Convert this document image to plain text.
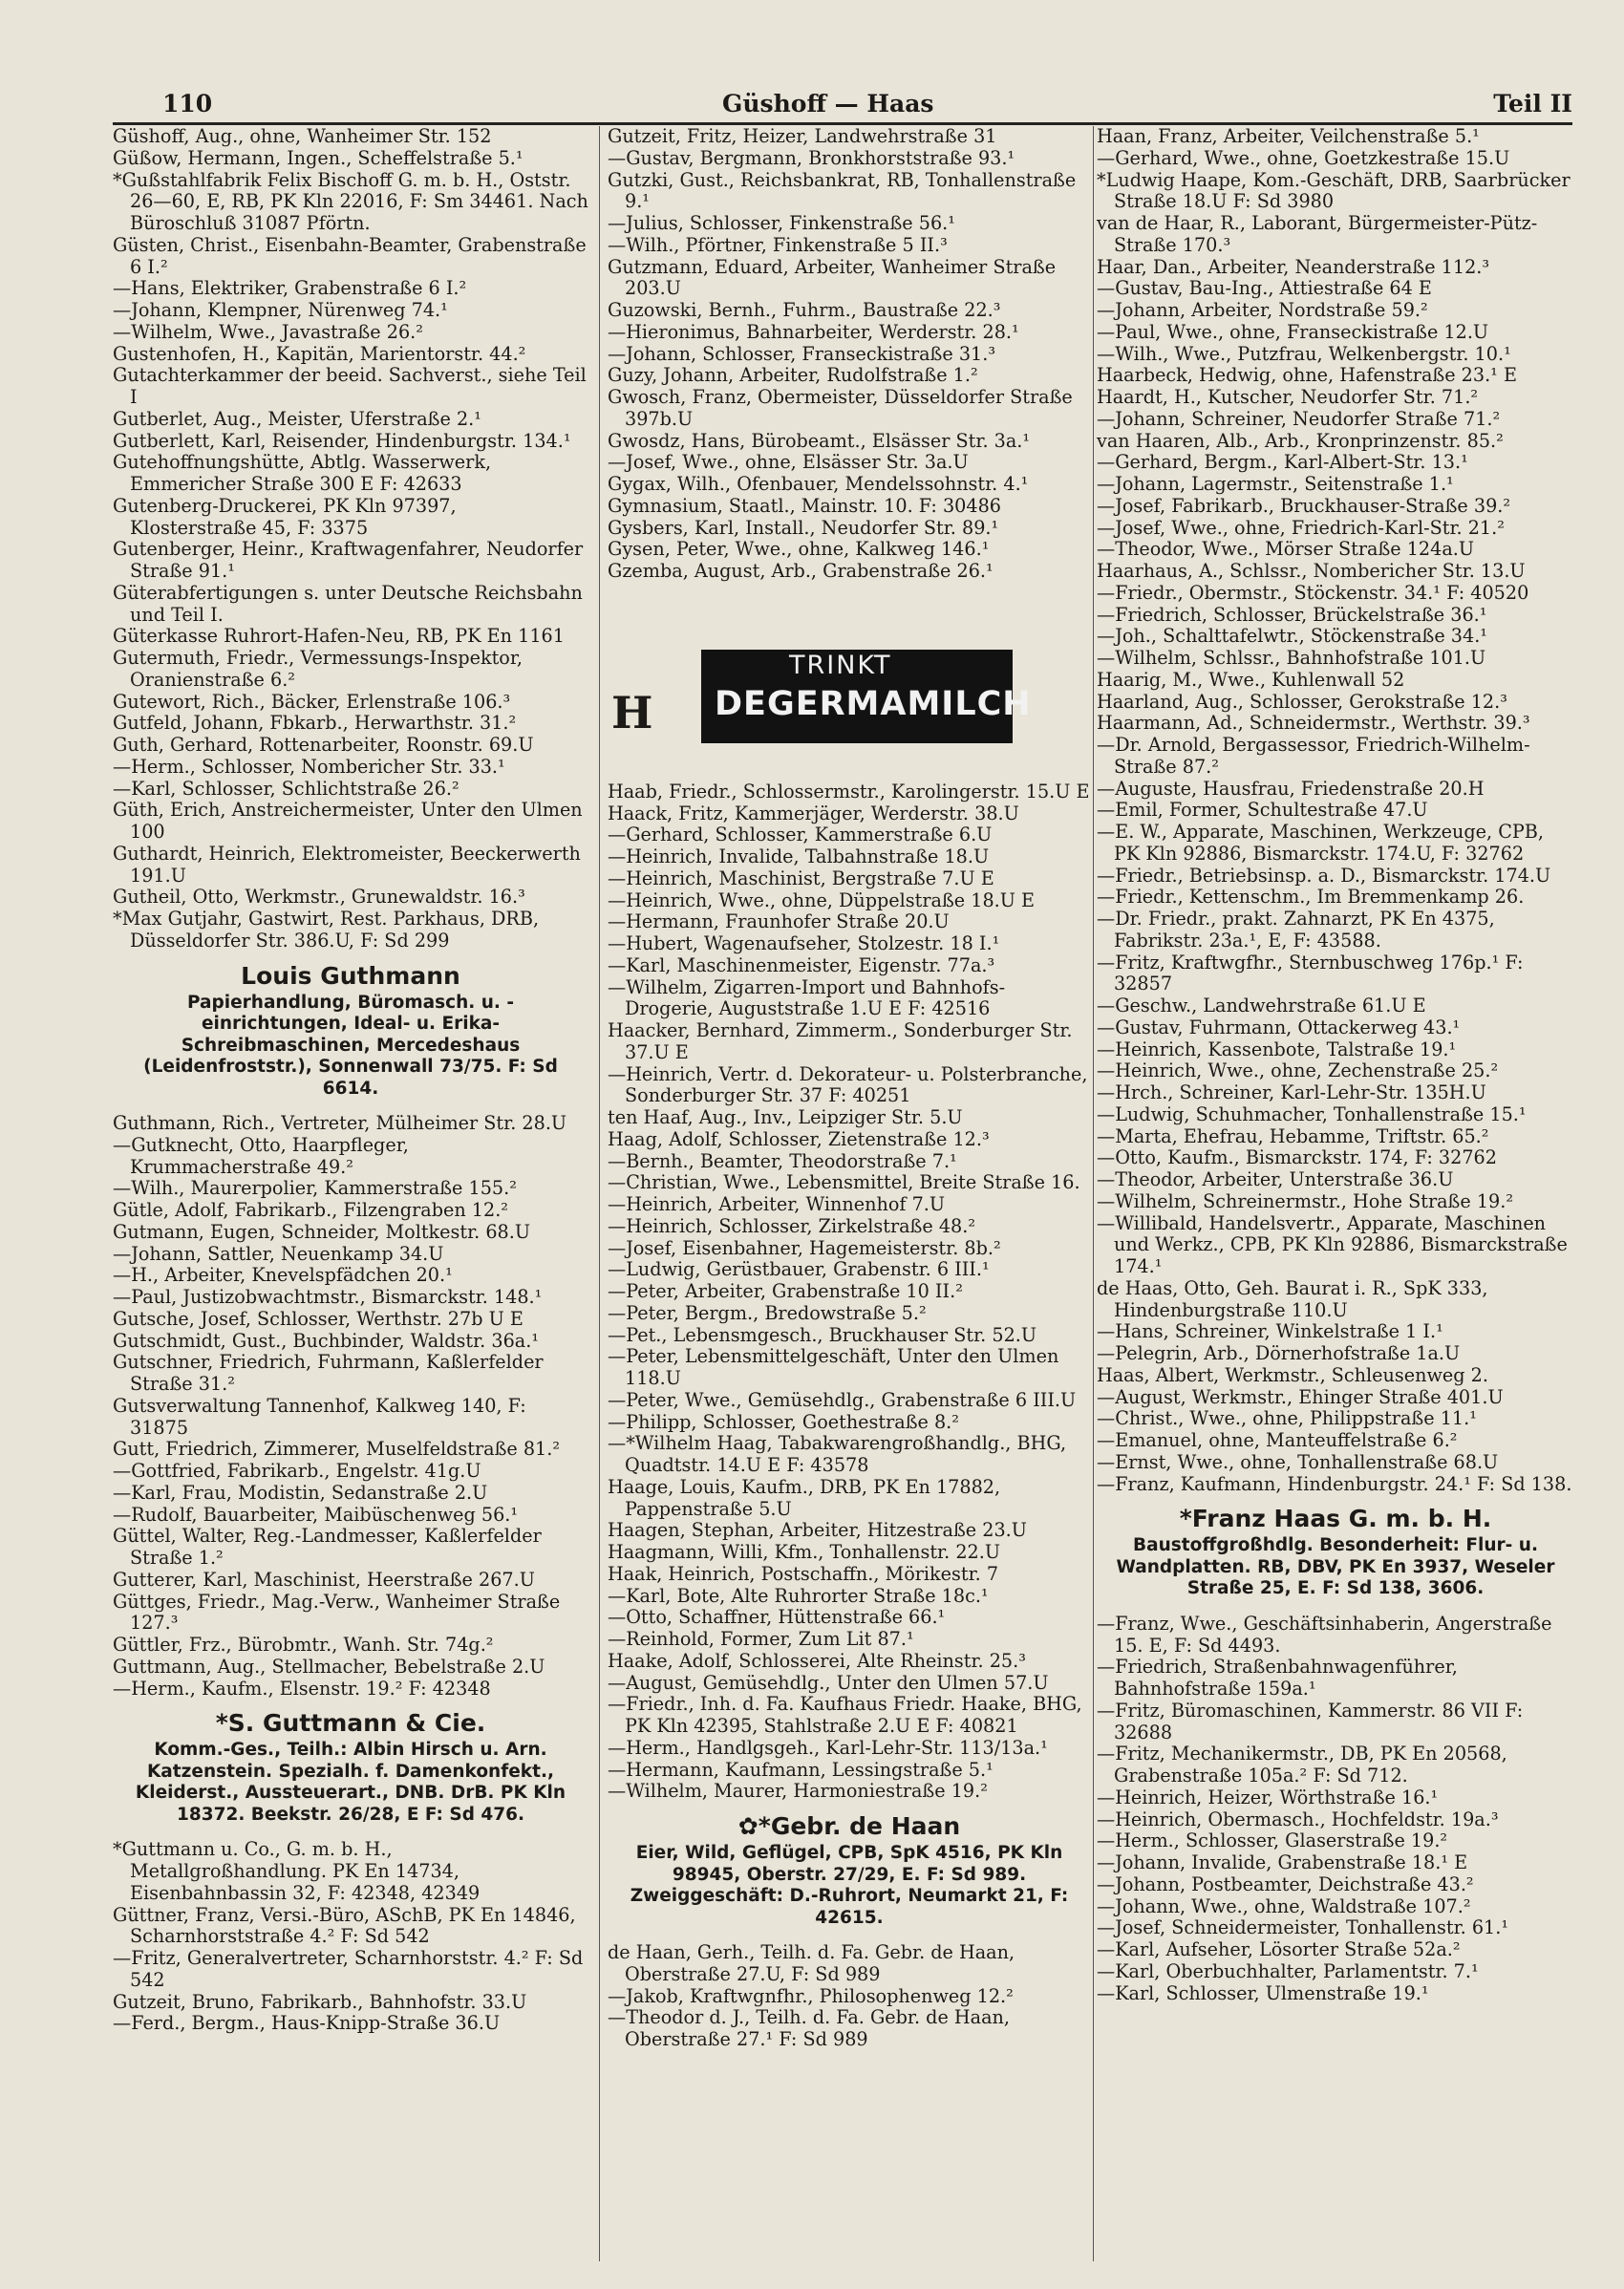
110	Güshoff — Haas	Teil II
Güshoff, Aug., ohne, Wanheimer Str. 152
Güßow, Hermann, Ingen., Scheffelstraße 5.¹
*Gußstahlfabrik Felix Bischoff G. m. b. H., Oststr. 26—60, E, RB, PK Kln 22016, F: Sm 34461. Nach Büroschluß 31087 Pförtn.
Güsten, Christ., Eisenbahn-Beamter, Grabenstraße 6 I.²
—Hans, Elektriker, Grabenstraße 6 I.²
—Johann, Klempner, Nürenweg 74.¹
—Wilhelm, Wwe., Javastraße 26.²
Gustenhofen, H., Kapitän, Marientorstr. 44.²
Gutachterkammer der beeid. Sachverst., siehe Teil I
Gutberlet, Aug., Meister, Uferstraße 2.¹
Gutberlett, Karl, Reisender, Hindenburgstr. 134.¹
Gutehoffnungshütte, Abtlg. Wasserwerk, Emmericher Straße 300 E F: 42633
Gutenberg-Druckerei, PK Kln 97397, Klosterstraße 45, F: 3375
Gutenberger, Heinr., Kraftwagenfahrer, Neudorfer Straße 91.¹
Güterabfertigungen s. unter Deutsche Reichsbahn und Teil I.
Güterkasse Ruhrort-Hafen-Neu, RB, PK En 1161
Gutermuth, Friedr., Vermessungs-Inspektor, Oranienstraße 6.²
Gutewort, Rich., Bäcker, Erlenstraße 106.³
Gutfeld, Johann, Fbkarb., Herwarthstr. 31.²
Guth, Gerhard, Rottenarbeiter, Roonstr. 69.U
—Herm., Schlosser, Nombericher Str. 33.¹
—Karl, Schlosser, Schlichtstraße 26.²
Güth, Erich, Anstreichermeister, Unter den Ulmen 100
Guthardt, Heinrich, Elektromeister, Beeckerwerth 191.U
Gutheil, Otto, Werkmstr., Grunewaldstr. 16.³
*Max Gutjahr, Gastwirt, Rest. Parkhaus, DRB, Düsseldorfer Str. 386.U, F: Sd 299
Louis Guthmann
Papierhandlung, Büromasch. u. -einrichtungen, Ideal- u. Erika-Schreibmaschinen, Mercedeshaus (Leidenfroststr.), Sonnenwall 73/75. F: Sd 6614.
Guthmann, Rich., Vertreter, Mülheimer Str. 28.U
—Gutknecht, Otto, Haarpfleger, Krummacherstraße 49.²
—Wilh., Maurerpolier, Kammerstraße 155.²
Gütle, Adolf, Fabrikarb., Filzengraben 12.²
Gutmann, Eugen, Schneider, Moltkestr. 68.U
—Johann, Sattler, Neuenkamp 34.U
—H., Arbeiter, Knevelspfädchen 20.¹
—Paul, Justizobwachtmstr., Bismarckstr. 148.¹
Gutsche, Josef, Schlosser, Werthstr. 27b U E
Gutschmidt, Gust., Buchbinder, Waldstr. 36a.¹
Gutschner, Friedrich, Fuhrmann, Kaßlerfelder Straße 31.²
Gutsverwaltung Tannenhof, Kalkweg 140, F: 31875
Gutt, Friedrich, Zimmerer, Muselfeldstraße 81.²
—Gottfried, Fabrikarb., Engelstr. 41g.U
—Karl, Frau, Modistin, Sedanstraße 2.U
—Rudolf, Bauarbeiter, Maibüschenweg 56.¹
Güttel, Walter, Reg.-Landmesser, Kaßlerfelder Straße 1.²
Gutterer, Karl, Maschinist, Heerstraße 267.U
Güttges, Friedr., Mag.-Verw., Wanheimer Straße 127.³
Güttler, Frz., Bürobmtr., Wanh. Str. 74g.²
Guttmann, Aug., Stellmacher, Bebelstraße 2.U
—Herm., Kaufm., Elsenstr. 19.² F: 42348
*S. Guttmann & Cie.
Komm.-Ges., Teilh.: Albin Hirsch u. Arn. Katzenstein. Spezialh. f. Damenkonfekt., Kleiderst., Aussteuerart., DNB. DrB. PK Kln 18372. Beekstr. 26/28, E F: Sd 476.
*Guttmann u. Co., G. m. b. H., Metallgroßhandlung. PK En 14734, Eisenbahnbassin 32, F: 42348, 42349
Güttner, Franz, Versi.-Büro, ASchB, PK En 14846, Scharnhorststraße 4.² F: Sd 542
—Fritz, Generalvertreter, Scharnhorststr. 4.² F: Sd 542
Gutzeit, Bruno, Fabrikarb., Bahnhofstr. 33.U
—Ferd., Bergm., Haus-Knipp-Straße 36.U
Gutzeit, Fritz, Heizer, Landwehrstraße 31
—Gustav, Bergmann, Bronkhorststraße 93.¹
Gutzki, Gust., Reichsbankrat, RB, Tonhallenstraße 9.¹
—Julius, Schlosser, Finkenstraße 56.¹
—Wilh., Pförtner, Finkenstraße 5 II.³
Gutzmann, Eduard, Arbeiter, Wanheimer Straße 203.U
Guzowski, Bernh., Fuhrm., Baustraße 22.³
—Hieronimus, Bahnarbeiter, Werderstr. 28.¹
—Johann, Schlosser, Franseckistraße 31.³
Guzy, Johann, Arbeiter, Rudolfstraße 1.²
Gwosch, Franz, Obermeister, Düsseldorfer Straße 397b.U
Gwosdz, Hans, Bürobeamt., Elsässer Str. 3a.¹
—Josef, Wwe., ohne, Elsässer Str. 3a.U
Gygax, Wilh., Ofenbauer, Mendelssohnstr. 4.¹
Gymnasium, Staatl., Mainstr. 10. F: 30486
Gysbers, Karl, Install., Neudorfer Str. 89.¹
Gysen, Peter, Wwe., ohne, Kalkweg 146.¹
Gzemba, August, Arb., Grabenstraße 26.¹
H
TRINKT
DEGERMAMILCH
Haab, Friedr., Schlossermstr., Karolingerstr. 15.U E
Haack, Fritz, Kammerjäger, Werderstr. 38.U
—Gerhard, Schlosser, Kammerstraße 6.U
—Heinrich, Invalide, Talbahnstraße 18.U
—Heinrich, Maschinist, Bergstraße 7.U E
—Heinrich, Wwe., ohne, Düppelstraße 18.U E
—Hermann, Fraunhofer Straße 20.U
—Hubert, Wagenaufseher, Stolzestr. 18 I.¹
—Karl, Maschinenmeister, Eigenstr. 77a.³
—Wilhelm, Zigarren-Import und Bahnhofs-Drogerie, Auguststraße 1.U E F: 42516
Haacker, Bernhard, Zimmerm., Sonderburger Str. 37.U E
—Heinrich, Vertr. d. Dekorateur- u. Polsterbranche, Sonderburger Str. 37 F: 40251
ten Haaf, Aug., Inv., Leipziger Str. 5.U
Haag, Adolf, Schlosser, Zietenstraße 12.³
—Bernh., Beamter, Theodorstraße 7.¹
—Christian, Wwe., Lebensmittel, Breite Straße 16.
—Heinrich, Arbeiter, Winnenhof 7.U
—Heinrich, Schlosser, Zirkelstraße 48.²
—Josef, Eisenbahner, Hagemeisterstr. 8b.²
—Ludwig, Gerüstbauer, Grabenstr. 6 III.¹
—Peter, Arbeiter, Grabenstraße 10 II.²
—Peter, Bergm., Bredowstraße 5.²
—Pet., Lebensmgesch., Bruckhauser Str. 52.U
—Peter, Lebensmittelgeschäft, Unter den Ulmen 118.U
—Peter, Wwe., Gemüsehdlg., Grabenstraße 6 III.U
—Philipp, Schlosser, Goethestraße 8.²
—*Wilhelm Haag, Tabakwarengroßhandlg., BHG, Quadtstr. 14.U E F: 43578
Haage, Louis, Kaufm., DRB, PK En 17882, Pappenstraße 5.U
Haagen, Stephan, Arbeiter, Hitzestraße 23.U
Haagmann, Willi, Kfm., Tonhallenstr. 22.U
Haak, Heinrich, Postschaffn., Mörikestr. 7
—Karl, Bote, Alte Ruhrorter Straße 18c.¹
—Otto, Schaffner, Hüttenstraße 66.¹
—Reinhold, Former, Zum Lit 87.¹
Haake, Adolf, Schlosserei, Alte Rheinstr. 25.³
—August, Gemüsehdlg., Unter den Ulmen 57.U
—Friedr., Inh. d. Fa. Kaufhaus Friedr. Haake, BHG, PK Kln 42395, Stahlstraße 2.U E F: 40821
—Herm., Handlgsgeh., Karl-Lehr-Str. 113/13a.¹
—Hermann, Kaufmann, Lessingstraße 5.¹
—Wilhelm, Maurer, Harmoniestraße 19.²
✿*Gebr. de Haan
Eier, Wild, Geflügel, CPB, SpK 4516, PK Kln 98945, Oberstr. 27/29, E. F: Sd 989. Zweiggeschäft: D.-Ruhrort, Neumarkt 21, F: 42615.
de Haan, Gerh., Teilh. d. Fa. Gebr. de Haan, Oberstraße 27.U, F: Sd 989
—Jakob, Kraftwgnfhr., Philosophenweg 12.²
—Theodor d. J., Teilh. d. Fa. Gebr. de Haan, Oberstraße 27.¹ F: Sd 989
Haan, Franz, Arbeiter, Veilchenstraße 5.¹
—Gerhard, Wwe., ohne, Goetzkestraße 15.U
*Ludwig Haape, Kom.-Geschäft, DRB, Saarbrücker Straße 18.U F: Sd 3980
van de Haar, R., Laborant, Bürgermeister-Pütz-Straße 170.³
Haar, Dan., Arbeiter, Neanderstraße 112.³
—Gustav, Bau-Ing., Attiestraße 64 E
—Johann, Arbeiter, Nordstraße 59.²
—Paul, Wwe., ohne, Franseckistraße 12.U
—Wilh., Wwe., Putzfrau, Welkenbergstr. 10.¹
Haarbeck, Hedwig, ohne, Hafenstraße 23.¹ E
Haardt, H., Kutscher, Neudorfer Str. 71.²
—Johann, Schreiner, Neudorfer Straße 71.²
van Haaren, Alb., Arb., Kronprinzenstr. 85.²
—Gerhard, Bergm., Karl-Albert-Str. 13.¹
—Johann, Lagermstr., Seitenstraße 1.¹
—Josef, Fabrikarb., Bruckhauser-Straße 39.²
—Josef, Wwe., ohne, Friedrich-Karl-Str. 21.²
—Theodor, Wwe., Mörser Straße 124a.U
Haarhaus, A., Schlssr., Nombericher Str. 13.U
—Friedr., Obermstr., Stöckenstr. 34.¹ F: 40520
—Friedrich, Schlosser, Brückelstraße 36.¹
—Joh., Schalttafelwtr., Stöckenstraße 34.¹
—Wilhelm, Schlssr., Bahnhofstraße 101.U
Haarig, M., Wwe., Kuhlenwall 52
Haarland, Aug., Schlosser, Gerokstraße 12.³
Haarmann, Ad., Schneidermstr., Werthstr. 39.³
—Dr. Arnold, Bergassessor, Friedrich-Wilhelm-Straße 87.²
—Auguste, Hausfrau, Friedenstraße 20.H
—Emil, Former, Schultestraße 47.U
—E. W., Apparate, Maschinen, Werkzeuge, CPB, PK Kln 92886, Bismarckstr. 174.U, F: 32762
—Friedr., Betriebsinsp. a. D., Bismarckstr. 174.U
—Friedr., Kettenschm., Im Bremmenkamp 26.
—Dr. Friedr., prakt. Zahnarzt, PK En 4375, Fabrikstr. 23a.¹, E, F: 43588.
—Fritz, Kraftwgfhr., Sternbuschweg 176p.¹ F: 32857
—Geschw., Landwehrstraße 61.U E
—Gustav, Fuhrmann, Ottackerweg 43.¹
—Heinrich, Kassenbote, Talstraße 19.¹
—Heinrich, Wwe., ohne, Zechenstraße 25.²
—Hrch., Schreiner, Karl-Lehr-Str. 135H.U
—Ludwig, Schuhmacher, Tonhallenstraße 15.¹
—Marta, Ehefrau, Hebamme, Triftstr. 65.²
—Otto, Kaufm., Bismarckstr. 174, F: 32762
—Theodor, Arbeiter, Unterstraße 36.U
—Wilhelm, Schreinermstr., Hohe Straße 19.²
—Willibald, Handelsvertr., Apparate, Maschinen und Werkz., CPB, PK Kln 92886, Bismarckstraße 174.¹
de Haas, Otto, Geh. Baurat i. R., SpK 333, Hindenburgstraße 110.U
—Hans, Schreiner, Winkelstraße 1 I.¹
—Pelegrin, Arb., Dörnerhofstraße 1a.U
Haas, Albert, Werkmstr., Schleusenweg 2.
—August, Werkmstr., Ehinger Straße 401.U
—Christ., Wwe., ohne, Philippstraße 11.¹
—Emanuel, ohne, Manteuffelstraße 6.²
—Ernst, Wwe., ohne, Tonhallenstraße 68.U
—Franz, Kaufmann, Hindenburgstr. 24.¹ F: Sd 138.
*Franz Haas G. m. b. H.
Baustoffgroßhdlg. Besonderheit: Flur- u. Wandplatten. RB, DBV, PK En 3937, Weseler Straße 25, E. F: Sd 138, 3606.
—Franz, Wwe., Geschäftsinhaberin, Angerstraße 15. E, F: Sd 4493.
—Friedrich, Straßenbahnwagenführer, Bahnhofstraße 159a.¹
—Fritz, Büromaschinen, Kammerstr. 86 VII F: 32688
—Fritz, Mechanikermstr., DB, PK En 20568, Grabenstraße 105a.² F: Sd 712.
—Heinrich, Heizer, Wörthstraße 16.¹
—Heinrich, Obermasch., Hochfeldstr. 19a.³
—Herm., Schlosser, Glaserstraße 19.²
—Johann, Invalide, Grabenstraße 18.¹ E
—Johann, Postbeamter, Deichstraße 43.²
—Johann, Wwe., ohne, Waldstraße 107.²
—Josef, Schneidermeister, Tonhallenstr. 61.¹
—Karl, Aufseher, Lösorter Straße 52a.²
—Karl, Oberbuchhalter, Parlamentstr. 7.¹
—Karl, Schlosser, Ulmenstraße 19.¹
